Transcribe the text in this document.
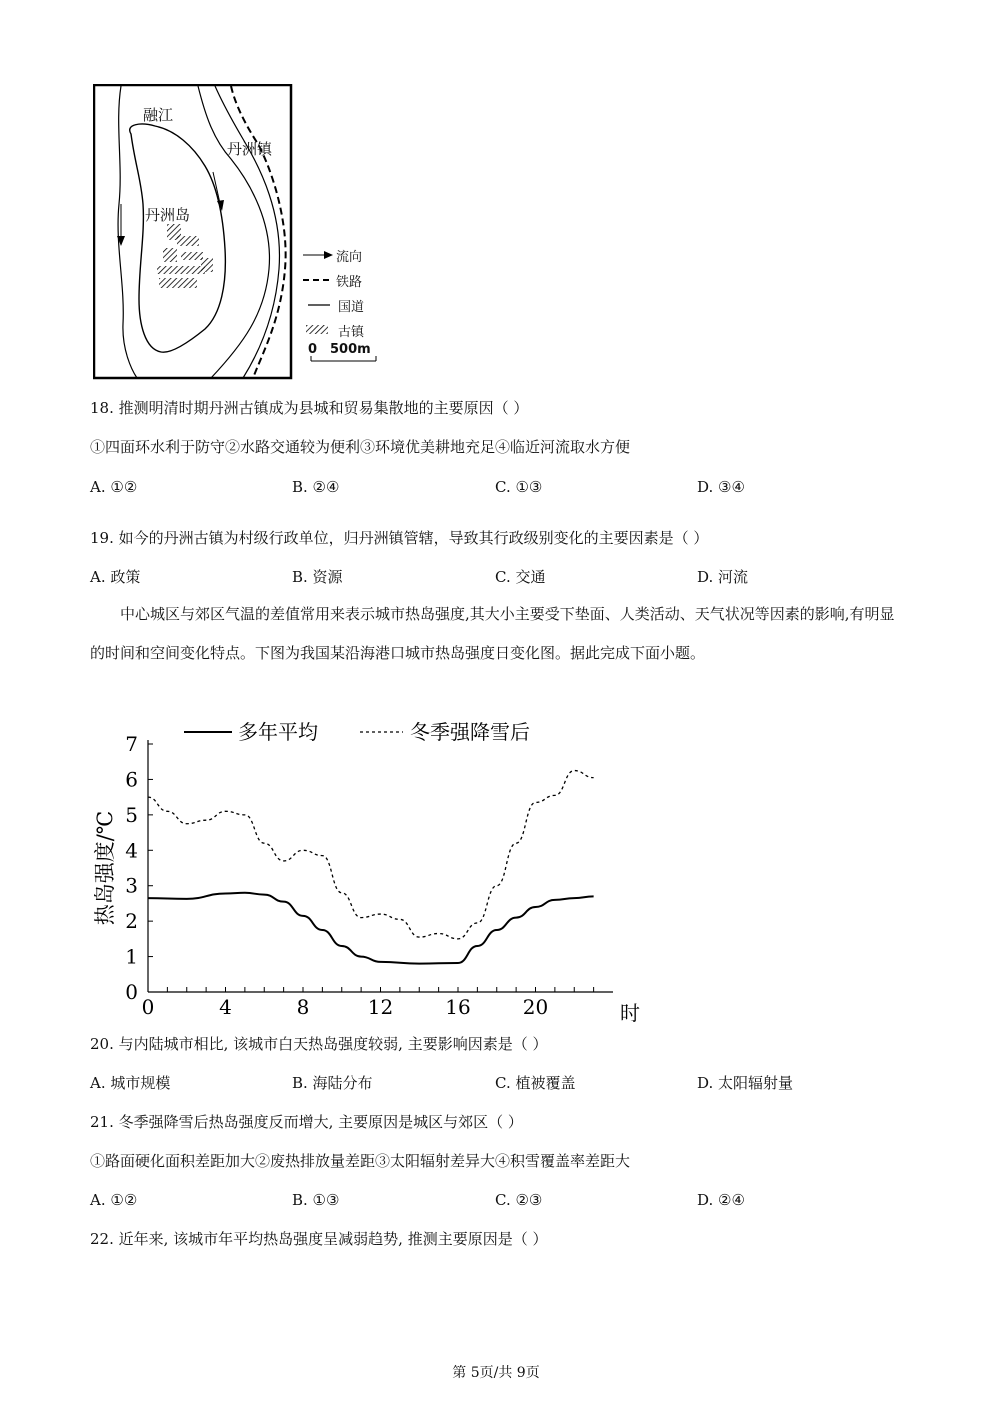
融江
丹洲镇
丹洲岛
流向
铁路
国道
古镇
0 500m
18. 推测明清时期丹洲古镇成为县城和贸易集散地的主要原因（ ）
①四面环水利于防守②水路交通较为便利③环境优美耕地充足④临近河流取水方便
A. ①②	B. ②④	C. ①③	D. ③④
19. 如今的丹洲古镇为村级行政单位，归丹洲镇管辖，导致其行政级别变化的主要因素是（ ）
A. 政策	B. 资源	C. 交通	D. 河流
中心城区与郊区气温的差值常用来表示城市热岛强度,其大小主要受下垫面、人类活动、天气状况等因素的影响,有明显的时间和空间变化特点。下图为我国某沿海港口城市热岛强度日变化图。据此完成下面小题。
0
1
2
3
4
5
6
7
0	4	8	12	16	20	时
热岛强度/℃
多年平均	冬季强降雪后
20. 与内陆城市相比, 该城市白天热岛强度较弱, 主要影响因素是（ ）
A. 城市规模	B. 海陆分布	C. 植被覆盖	D. 太阳辐射量
21. 冬季强降雪后热岛强度反而增大, 主要原因是城区与郊区（ ）
①路面硬化面积差距加大②废热排放量差距③太阳辐射差异大④积雪覆盖率差距大
A. ①②	B. ①③	C. ②③	D. ②④
22. 近年来, 该城市年平均热岛强度呈减弱趋势, 推测主要原因是（ ）
第 5页/共 9页
